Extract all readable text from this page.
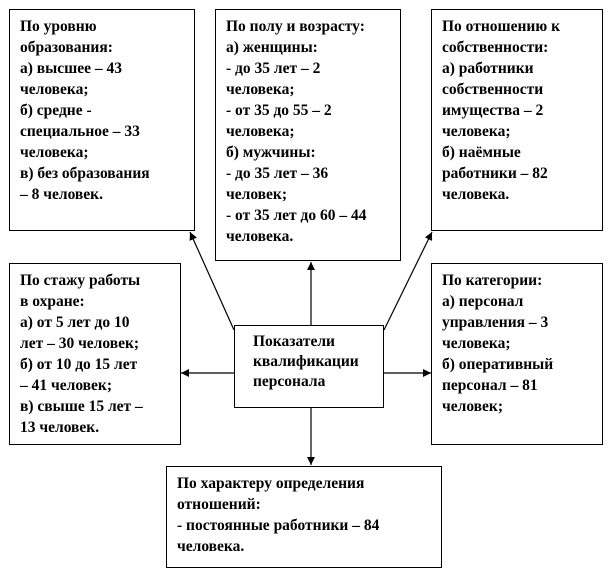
По уровню
образования:
а) высшее – 43
человека;
б) средне -
специальное – 33
человека;
в) без образования
– 8 человек.
По полу и возрасту:
а) женщины:
- до 35 лет – 2
человека;
- от 35 до 55 – 2
человека;
б) мужчины:
- до 35 лет – 36
человек;
- от 35 лет до 60 – 44
человека.
По отношению к
собственности:
а) работники
собственности
имущества – 2
человека;
б) наёмные
работники – 82
человека.
По стажу работы
в охране:
а) от 5 лет до 10
лет – 30 человек;
б) от 10 до 15 лет
– 41 человек;
в) свыше 15 лет –
13 человек.
Показатели
квалификации
персонала
По категории:
а) персонал
управления – 3
человека;
б) оперативный
персонал – 81
человек;
По характеру определения
отношений:
- постоянные работники – 84
человека.
